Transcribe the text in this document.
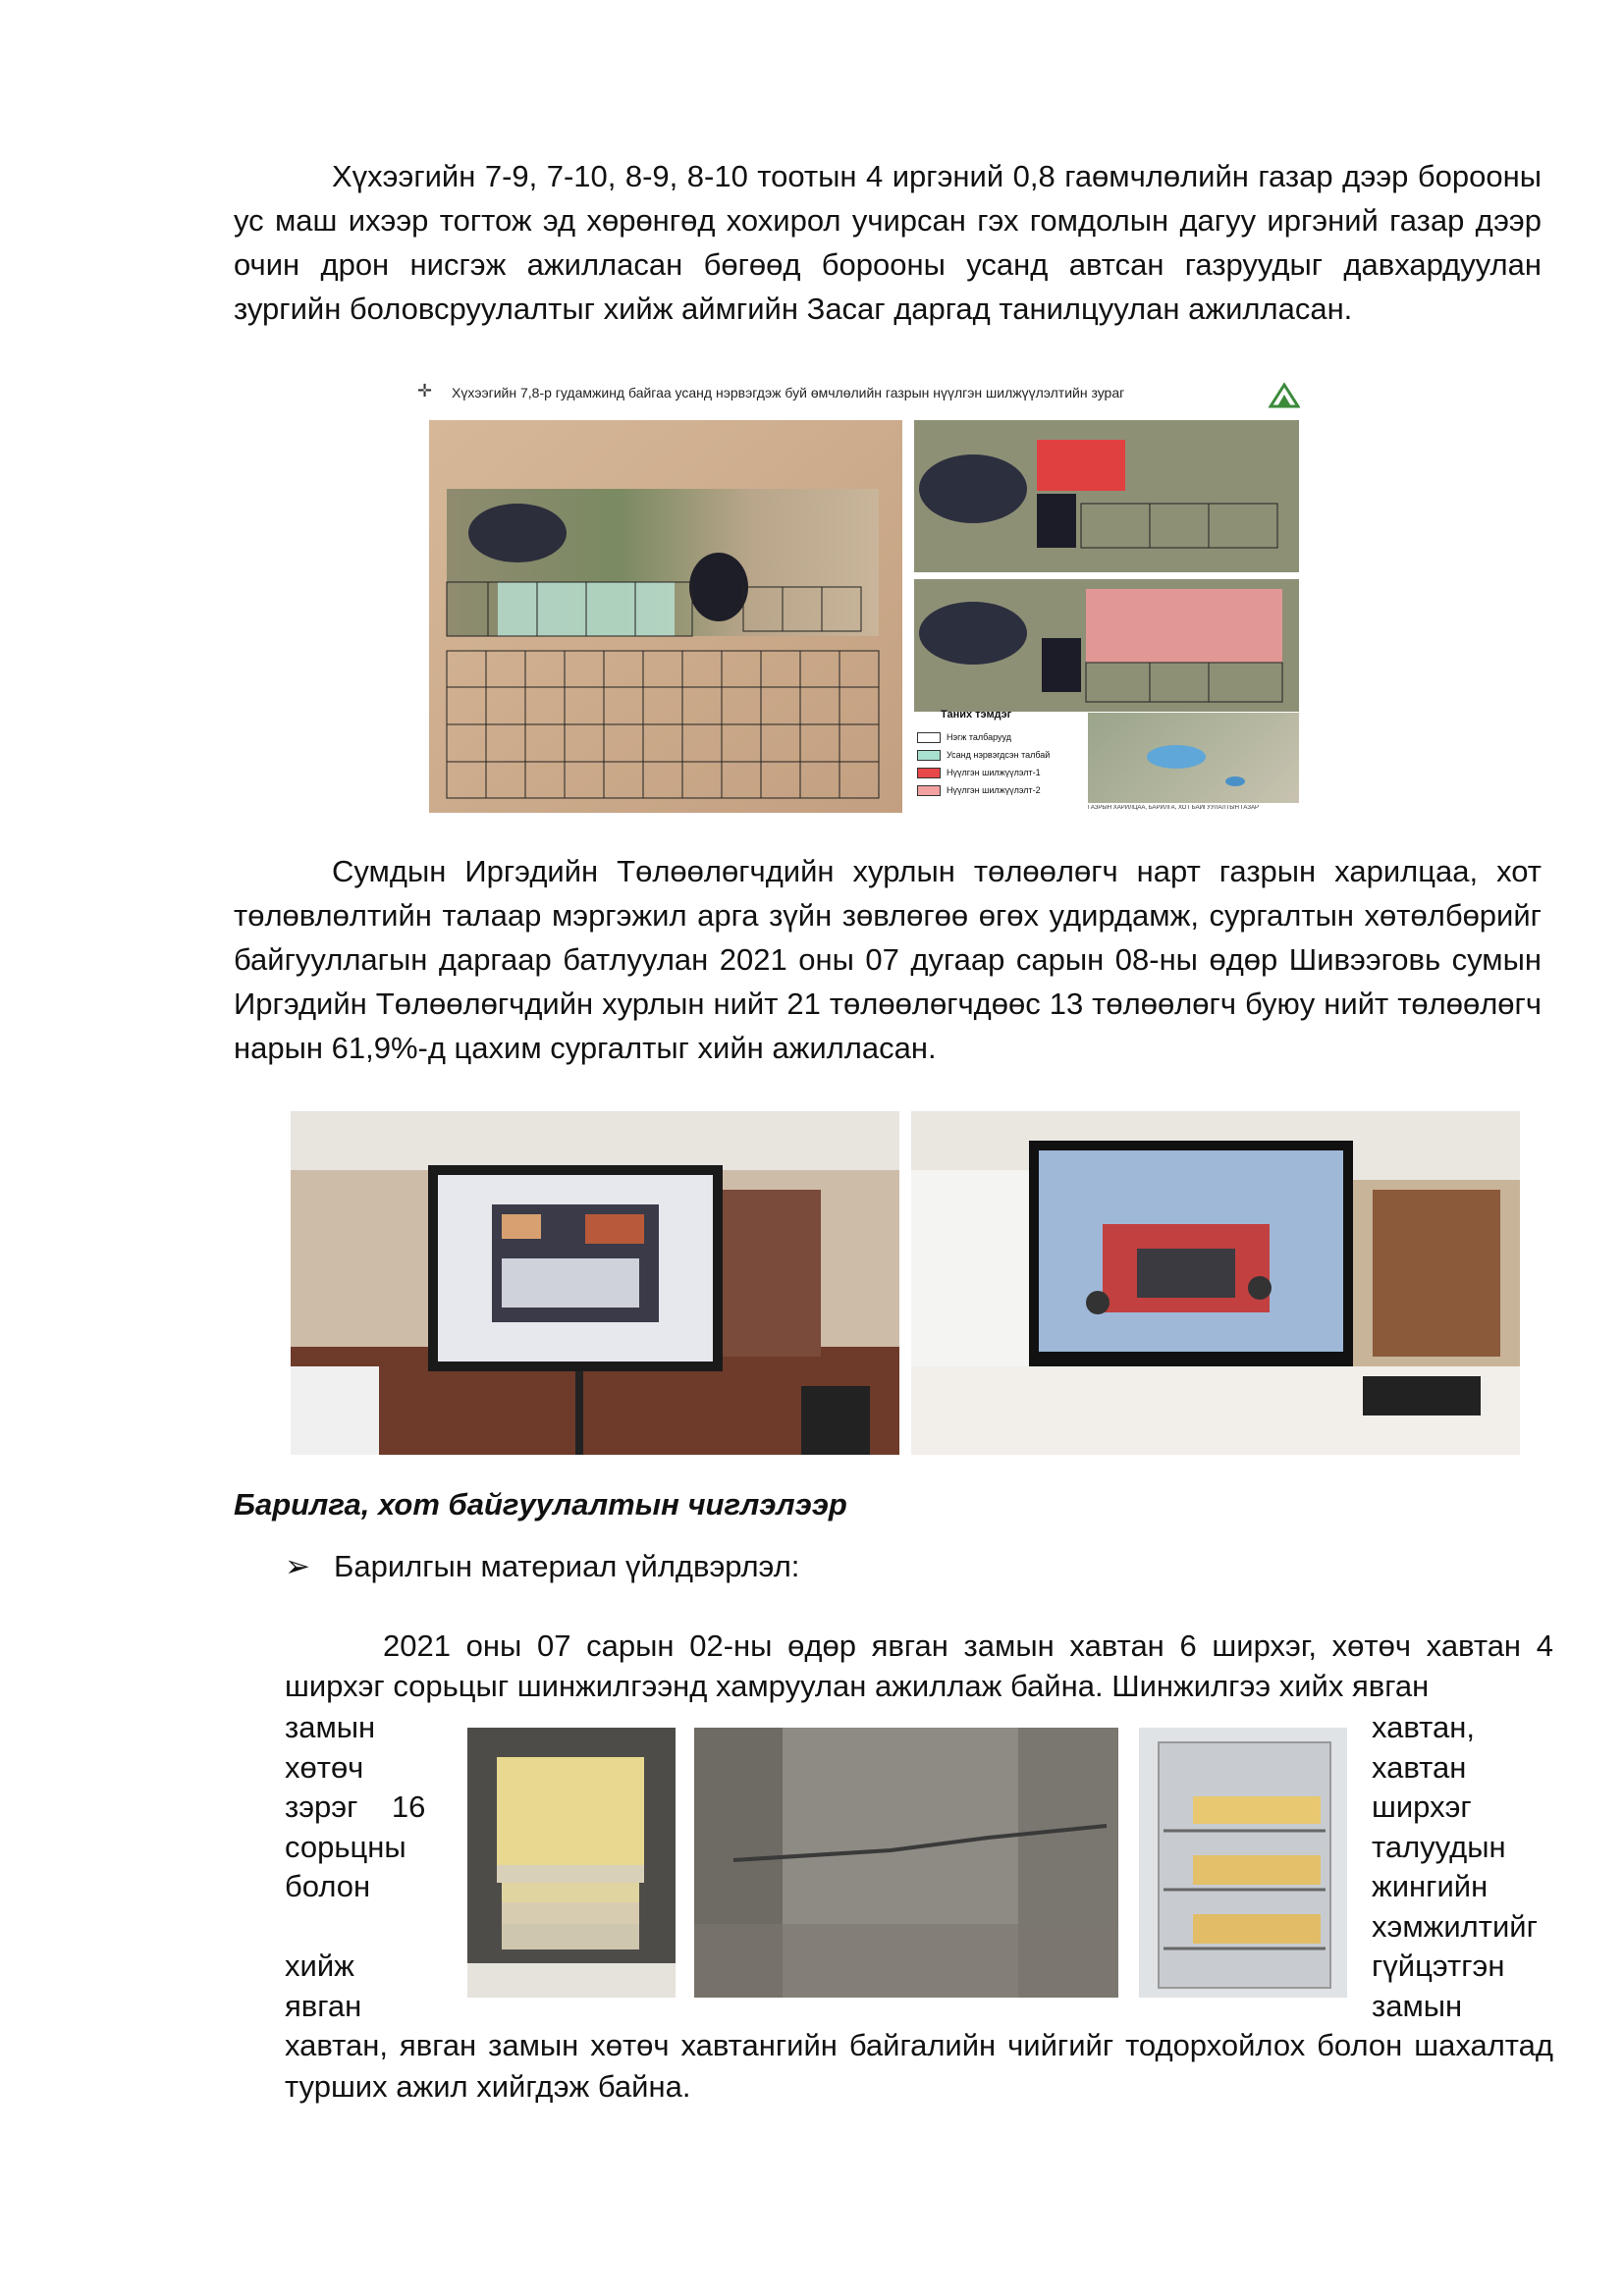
Хүхээгийн 7-9, 7-10, 8-9, 8-10 тоотын 4 иргэний 0,8 гаөмчлөлийн газар дээр борооны ус маш ихээр тогтож эд хөрөнгөд хохирол учирсан гэх гомдолын дагуу иргэний газар дээр очин дрон нисгэж ажилласан бөгөөд борооны усанд автсан газруудыг давхардуулан зургийн боловсруулалтыг хийж аймгийн Засаг даргад танилцуулан ажилласан.

Хүхээгийн 7,8-р гудамжинд байгаа усанд нэрвэгдэж буй өмчлөлийн газрын нүүлгэн шилжүүлэлтийн зураг
✛
Таних тэмдэг
Нэгж талбарууд
Усанд нэрвэгдсэн талбай
Нүүлгэн шилжүүлэлт-1
Нүүлгэн шилжүүлэлт-2
ГАЗРЫН ХАРИЛЦАА, БАРИЛГА, ХОТ БАЙГУУЛАЛТЫН ГАЗАР

Сумдын Иргэдийн Төлөөлөгчдийн хурлын төлөөлөгч нарт газрын харилцаа, хот төлөвлөлтийн талаар мэргэжил арга зүйн зөвлөгөө өгөх удирдамж, сургалтын хөтөлбөрийг байгууллагын даргаар батлуулан 2021 оны 07 дугаар сарын 08-ны өдөр Шивээговь сумын Иргэдийн Төлөөлөгчдийн хурлын нийт 21 төлөөлөгчдөөс 13 төлөөлөгч буюу нийт төлөөлөгч нарын 61,9%-д цахим сургалтыг хийн ажилласан.

Барилга, хот байгуулалтын чиглэлээр
➢ Барилгын материал үйлдвэрлэл:

2021 оны 07 сарын 02-ны өдөр явган замын хавтан 6 ширхэг, хөтөч хавтан 4 ширхэг сорьцыг шинжилгээнд хамруулан ажиллаж байна. Шинжилгээ хийх явган

замын
хөтөч
зэрэг    16
сорьцны
болон
хийж
явган
хавтан,
хавтан
ширхэг
талуудын
жингийн
хэмжилтийг
гүйцэтгэн
замын

хавтан, явган замын хөтөч хавтангийн байгалийн чийгийг тодорхойлох болон шахалтад турших ажил хийгдэж байна.
